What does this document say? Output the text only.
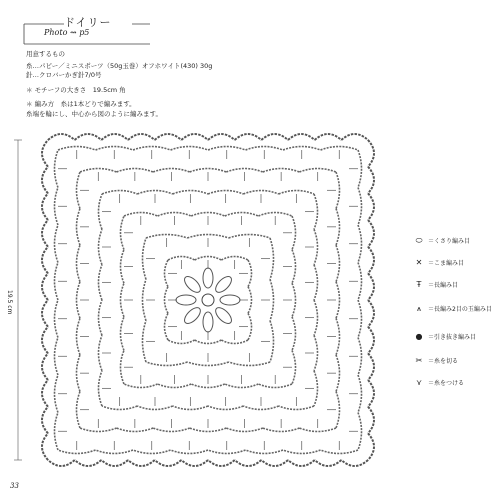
ドイリー
Photo ⇝ p5
用意するもの
糸…パピー／ミニスポーツ（50g玉巻）オフホワイト(430) 30g
針…クロバーかぎ針7/0号
＊ モチーフの大きさ　19.5cm 角
＊ 編み方　糸は1本どりで編みます。
糸端を輪にし、中心から図のように編みます。
19.5 cm
⬭ ＝くさり編み目
✕ ＝こま編み目
Ŧ ＝長編み目
⩚ ＝長編み2目の玉編み目
● ＝引き抜き編み目
✂ ＝糸を切る
⋎ ＝糸をつける
33
